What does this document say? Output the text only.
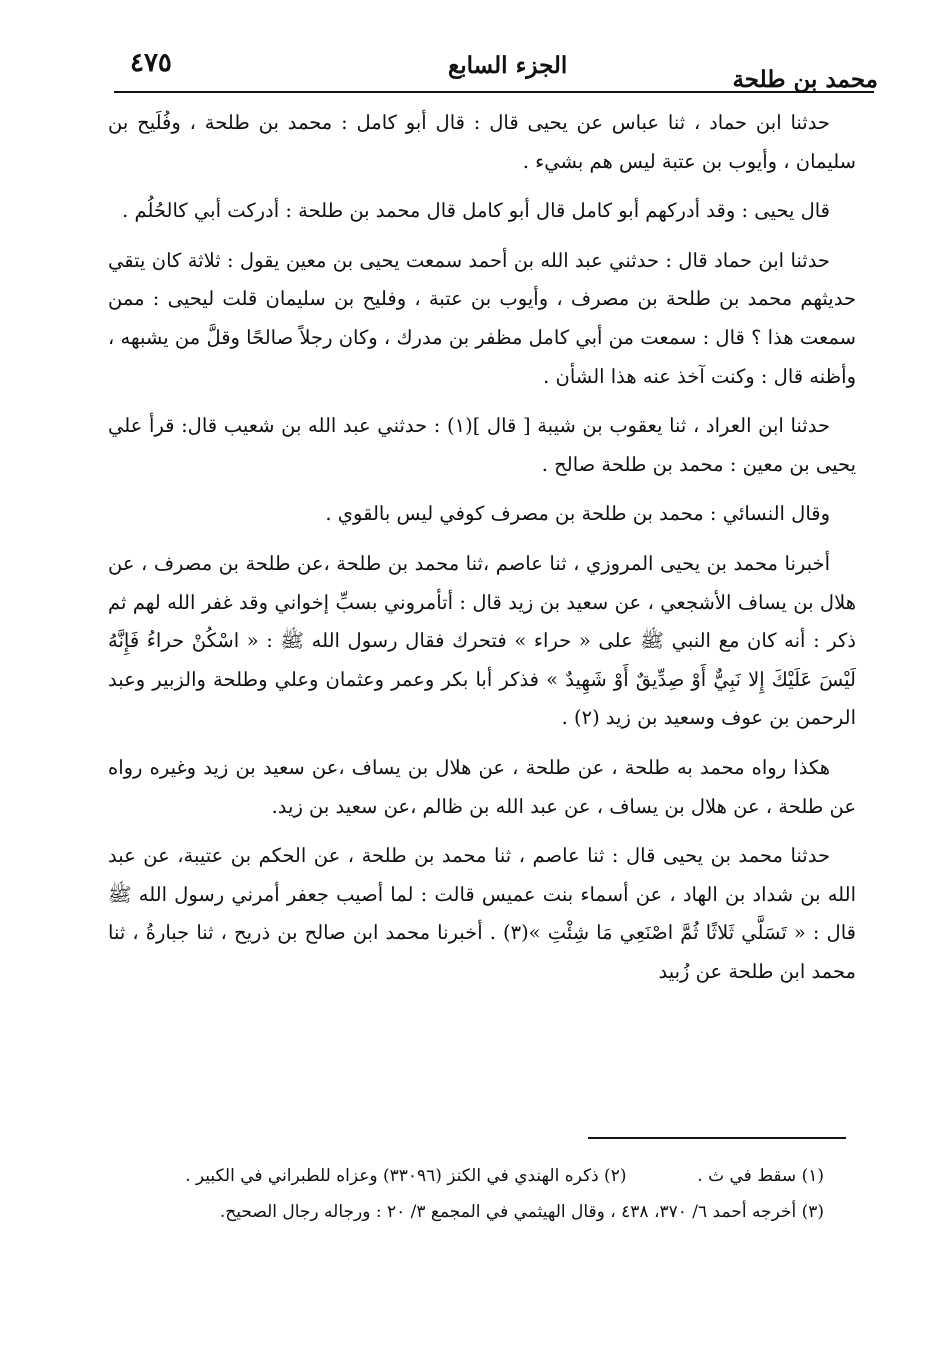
محمد بن طلحة
الجزء السابع
٤٧٥

حدثنا ابن حماد ، ثنا عباس عن يحيى قال : قال أبو كامل : محمد بن طلحة ، وفُلَيح بن سليمان ، وأيوب بن عتبة ليس هم بشيء .

قال يحيى : وقد أدركهم أبو كامل قال أبو كامل قال محمد بن طلحة : أدركت أبي كالحُلُم .

حدثنا ابن حماد قال : حدثني عبد الله بن أحمد سمعت يحيى بن معين يقول : ثلاثة كان يتقي حديثهم محمد بن طلحة بن مصرف ، وأيوب بن عتبة ، وفليح بن سليمان قلت ليحيى : ممن سمعت هذا ؟ قال : سمعت من أبي كامل مظفر بن مدرك ، وكان رجلاً صالحًا وقلَّ من يشبهه ، وأظنه قال : وكنت آخذ عنه هذا الشأن .

حدثنا ابن العراد ، ثنا يعقوب بن شيبة [ قال ](١) : حدثني عبد الله بن شعيب قال: قرأ علي يحيى بن معين : محمد بن طلحة صالح .

وقال النسائي : محمد بن طلحة بن مصرف كوفي ليس بالقوي .

أخبرنا محمد بن يحيى المروزي ، ثنا عاصم ،ثنا محمد بن طلحة ،عن طلحة بن مصرف ، عن هلال بن يساف الأشجعي ، عن سعيد بن زيد قال : أتأمروني بسبِّ إخواني وقد غفر الله لهم ثم ذكر : أنه كان مع النبي ﷺ على « حراء » فتحرك فقال رسول الله ﷺ : « اسْكُنْ حراءُ فَإِنَّهُ لَيْسَ عَلَيْكَ إِلا نَبِيٌّ أَوْ صِدِّيقٌ أَوْ شَهِيدٌ » فذكر أبا بكر وعمر وعثمان وعلي وطلحة والزبير وعبد الرحمن بن عوف وسعيد بن زيد (٢) .

هكذا رواه محمد به طلحة ، عن طلحة ، عن هلال بن يساف ،عن سعيد بن زيد وغيره رواه عن طلحة ، عن هلال بن يساف ، عن عبد الله بن ظالم ،عن سعيد بن زيد.

حدثنا محمد بن يحيى قال : ثنا عاصم ، ثنا محمد بن طلحة ، عن الحكم بن عتيبة، عن عبد الله بن شداد بن الهاد ، عن أسماء بنت عميس قالت : لما أصيب جعفر أمرني رسول الله ﷺ قال : « تَسَلَّي ثَلاثًا ثُمَّ اصْنَعِي مَا شِئْتِ »(٣) . أخبرنا محمد ابن صالح بن ذريح ، ثنا جبارةُ ، ثنا محمد ابن طلحة عن زُبيد

(١) سقط في ث .  (٢) ذكره الهندي في الكنز (٣٣٠٩٦) وعزاه للطبراني في الكبير .
(٣) أخرجه أحمد ٦/ ٣٧٠، ٤٣٨ ، وقال الهيثمي في المجمع ٣/ ٢٠ : ورجاله رجال الصحيح.
